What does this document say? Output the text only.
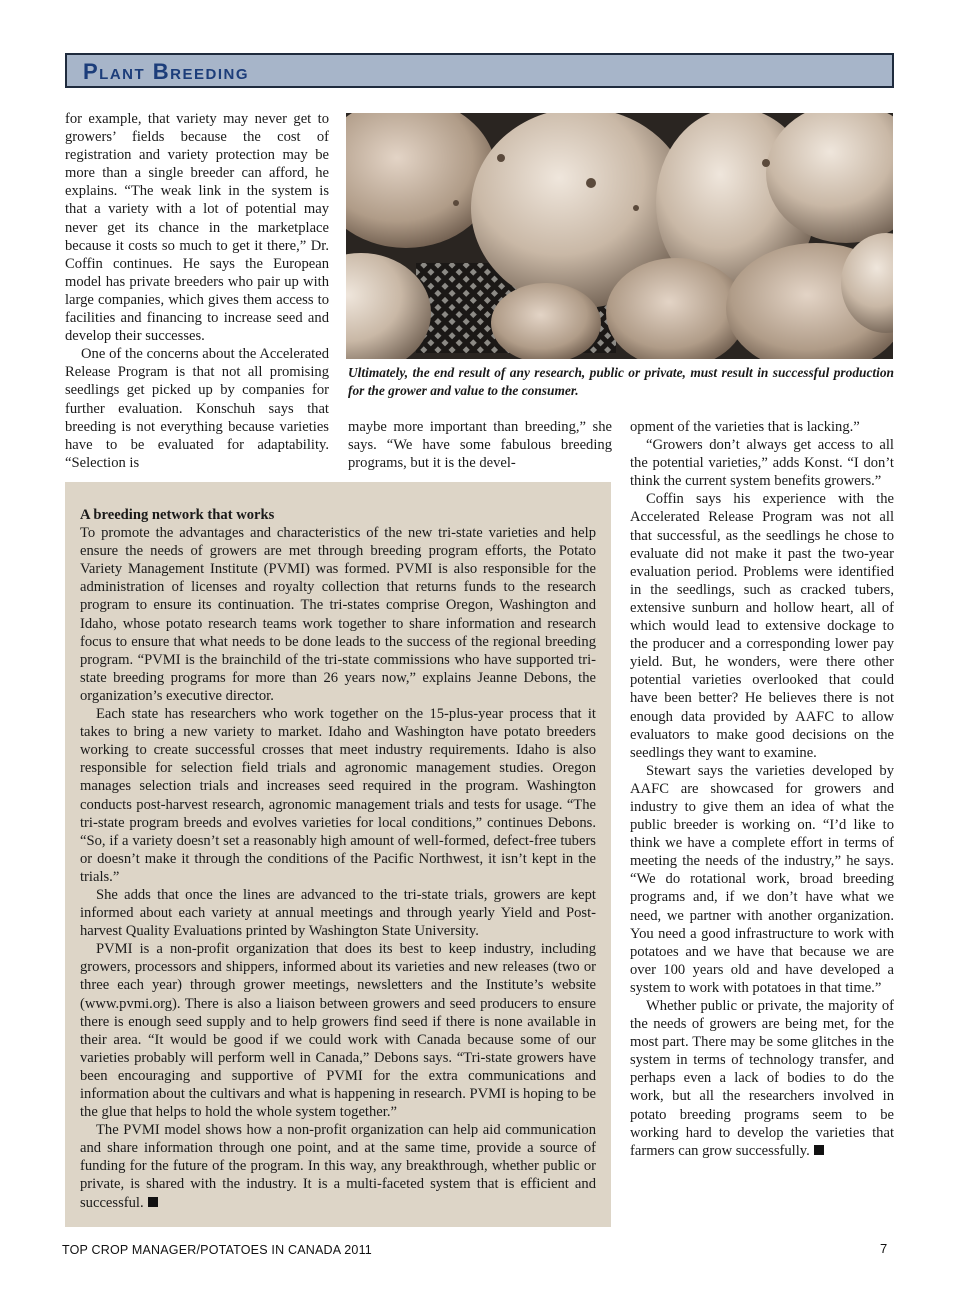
Plant Breeding

for example, that variety may never get to growers’ fields because the cost of registration and variety protection may be more than a single breeder can afford, he explains. “The weak link in the system is that a variety with a lot of potential may never get its chance in the marketplace because it costs so much to get it there,” Dr. Coffin continues. He says the European model has private breeders who pair up with large companies, which gives them access to facilities and financing to increase seed and develop their successes.

One of the concerns about the Accelerated Release Program is that not all promising seedlings get picked up by companies for further evaluation. Konschuh says that breeding is not everything because varieties have to be evaluated for adaptability. “Selection is

Ultimately, the end result of any research, public or private, must result in successful production for the grower and value to the consumer.

maybe more important than breeding,” she says. “We have some fabulous breeding programs, but it is the devel-

opment of the varieties that is lacking.”

“Growers don’t always get access to all the potential varieties,” adds Konst. “I don’t think the current system benefits growers.”

Coffin says his experience with the Accelerated Release Program was not all that successful, as the seedlings he chose to evaluate did not make it past the two-year evaluation period. Problems were identified in the seedlings, such as cracked tubers, extensive sunburn and hollow heart, all of which would lead to extensive dockage to the producer and a corresponding lower pay yield. But, he wonders, were there other potential varieties overlooked that could have been better? He believes there is not enough data provided by AAFC to allow evaluators to make good decisions on the seedlings they want to examine.

Stewart says the varieties developed by AAFC are showcased for growers and industry to give them an idea of what the public breeder is working on. “I’d like to think we have a complete effort in terms of meeting the needs of the industry,” he says. “We do rotational work, broad breeding programs and, if we don’t have what we need, we partner with another organization. You need a good infrastructure to work with potatoes and we have that because we are over 100 years old and have developed a system to work with potatoes in that time.”

Whether public or private, the majority of the needs of growers are being met, for the most part. There may be some glitches in the system in terms of technology transfer, and perhaps even a lack of bodies to do the work, but all the researchers involved in potato breeding programs seem to be working hard to develop the varieties that farmers can grow successfully.

A breeding network that works

To promote the advantages and characteristics of the new tri-state varieties and help ensure the needs of growers are met through breeding program efforts, the Potato Variety Management Institute (PVMI) was formed. PVMI is also responsible for the administration of licenses and royalty collection that returns funds to the research program to ensure its continuation. The tri-states comprise Oregon, Washington and Idaho, whose potato research teams work together to share information and research focus to ensure that what needs to be done leads to the success of the regional breeding program. “PVMI is the brainchild of the tri-state commissions who have supported tri-state breeding programs for more than 26 years now,” explains Jeanne Debons, the organization’s executive director.

Each state has researchers who work together on the 15-plus-year process that it takes to bring a new variety to market. Idaho and Washington have potato breeders working to create successful crosses that meet industry requirements. Idaho is also responsible for selection field trials and agronomic management studies. Oregon manages selection trials and increases seed required in the program. Washington conducts post-harvest research, agronomic management trials and tests for usage. “The tri-state program breeds and evolves varieties for local conditions,” continues Debons. “So, if a variety doesn’t set a reasonably high amount of well-formed, defect-free tubers or doesn’t make it through the conditions of the Pacific Northwest, it isn’t kept in the trials.”

She adds that once the lines are advanced to the tri-state trials, growers are kept informed about each variety at annual meetings and through yearly Yield and Post-harvest Quality Evaluations printed by Washington State University.

PVMI is a non-profit organization that does its best to keep industry, including growers, processors and shippers, informed about its varieties and new releases (two or three each year) through grower meetings, newsletters and the Institute’s website (www.pvmi.org). There is also a liaison between growers and seed producers to ensure there is enough seed supply and to help growers find seed if there is none available in their area. “It would be good if we could work with Canada because some of our varieties probably will perform well in Canada,” Debons says. “Tri-state growers have been encouraging and supportive of PVMI for the extra communications and information about the cultivars and what is happening in research. PVMI is hoping to be the glue that helps to hold the whole system together.”

The PVMI model shows how a non-profit organization can help aid communication and share information through one point, and at the same time, provide a source of funding for the future of the program. In this way, any breakthrough, whether public or private, is shared with the industry. It is a multi-faceted system that is efficient and successful.

TOP CROP MANAGER/POTATOES IN CANADA 2011	7
